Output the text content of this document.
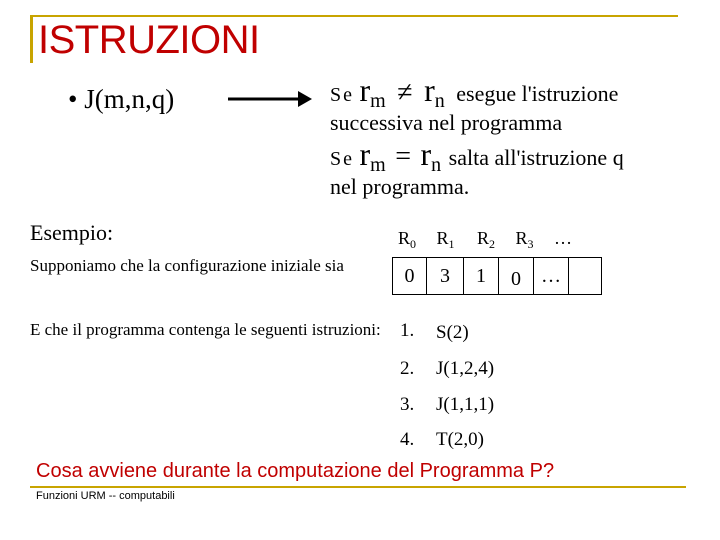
ISTRUZIONI
• J(m,n,q)	Se $r_m \ne r_n$ esegue l'istruzione
successiva nel programma
Se $r_m = r_n$ salta all'istruzione q
nel programma.
Esempio:
Supponiamo che la configurazione iniziale sia
$R_0$ $R_1$ $R_2$ $R_3$ …
0	3	1	0	…
E che il programma contenga le seguenti istruzioni: 1. S(2)
2. J(1,2,4)
3. J(1,1,1)
4. T(2,0)
Cosa avviene durante la computazione del Programma P?
Funzioni URM -- computabili
